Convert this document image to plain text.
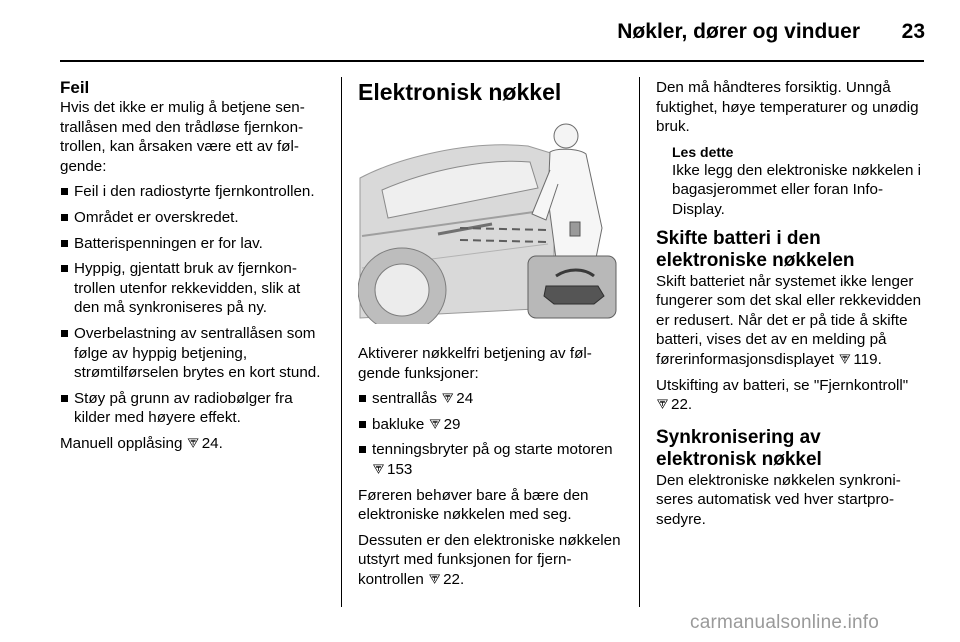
Nøkler, dører og vinduer	23
Feil

Hvis det ikke er mulig å betjene sentrallåsen med den trådløse fjernkontrollen, kan årsaken være ett av følgende:

Feil i den radiostyrte fjernkontrollen.
Området er overskredet.
Batterispenningen er for lav.
Hyppig, gjentatt bruk av fjernkontrollen utenfor rekkevidden, slik at den må synkroniseres på ny.
Overbelastning av sentrallåsen som følge av hyppig betjening, strømtilførselen brytes en kort stund.
Støy på grunn av radiobølger fra kilder med høyere effekt.

Manuell opplåsing ⮗ 24.

Elektronisk nøkkel

Aktiverer nøkkelfri betjening av følgende funksjoner:

sentrallås ⮗ 24
bakluke ⮗ 29
tenningsbryter på og starte motoren ⮗ 153

Føreren behøver bare å bære den elektroniske nøkkelen med seg.

Dessuten er den elektroniske nøkkelen utstyrt med funksjonen for fjernkontrollen ⮗ 22.

Den må håndteres forsiktig. Unngå fuktighet, høye temperaturer og unødig bruk.

Les dette
Ikke legg den elektroniske nøkkelen i bagasjerommet eller foran Info-Display.
Skifte batteri i den elektroniske nøkkelen

Skift batteriet når systemet ikke lenger fungerer som det skal eller rekkevidden er redusert. Når det er på tide å skifte batteri, vises det av en melding på førerinformasjonsdisplayet ⮗ 119.

Utskifting av batteri, se "Fjernkontroll" ⮗ 22.

Synkronisering av elektronisk nøkkel

Den elektroniske nøkkelen synkroniseres automatisk ved hver startprosedyre.

carmanualsonline.info
